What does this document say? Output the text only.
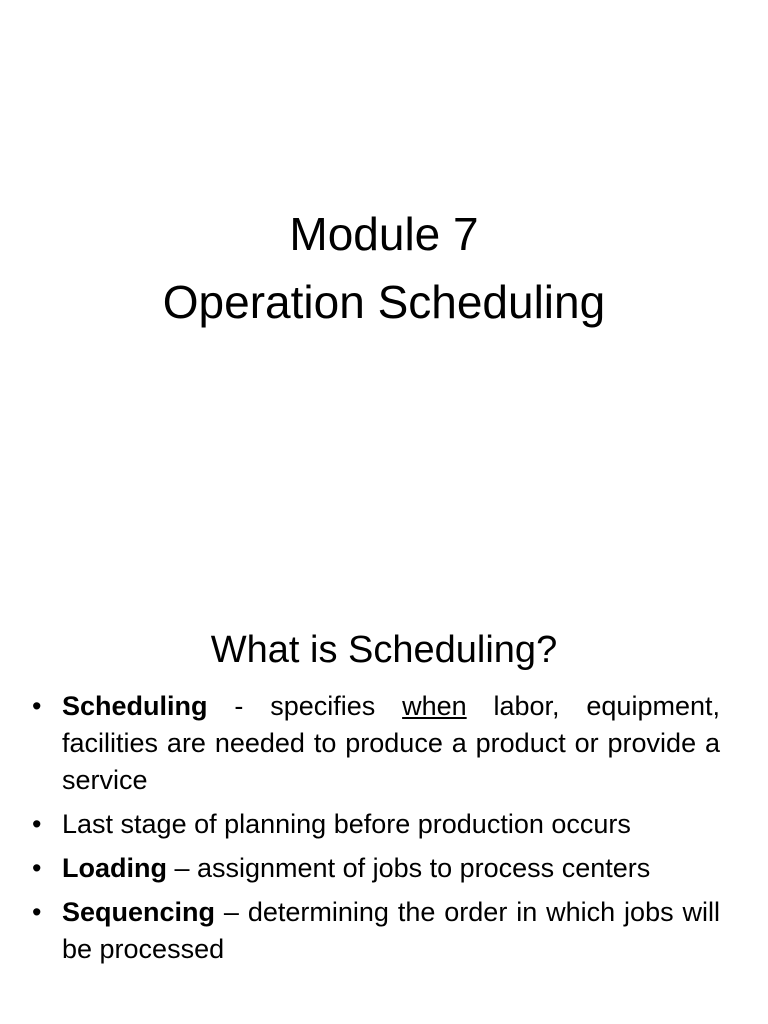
Module 7
Operation Scheduling
What is Scheduling?
• Scheduling - specifies when labor, equipment, facilities are needed to produce a product or provide a service
• Last stage of planning before production occurs
• Loading – assignment of jobs to process centers
• Sequencing – determining the order in which jobs will be processed
